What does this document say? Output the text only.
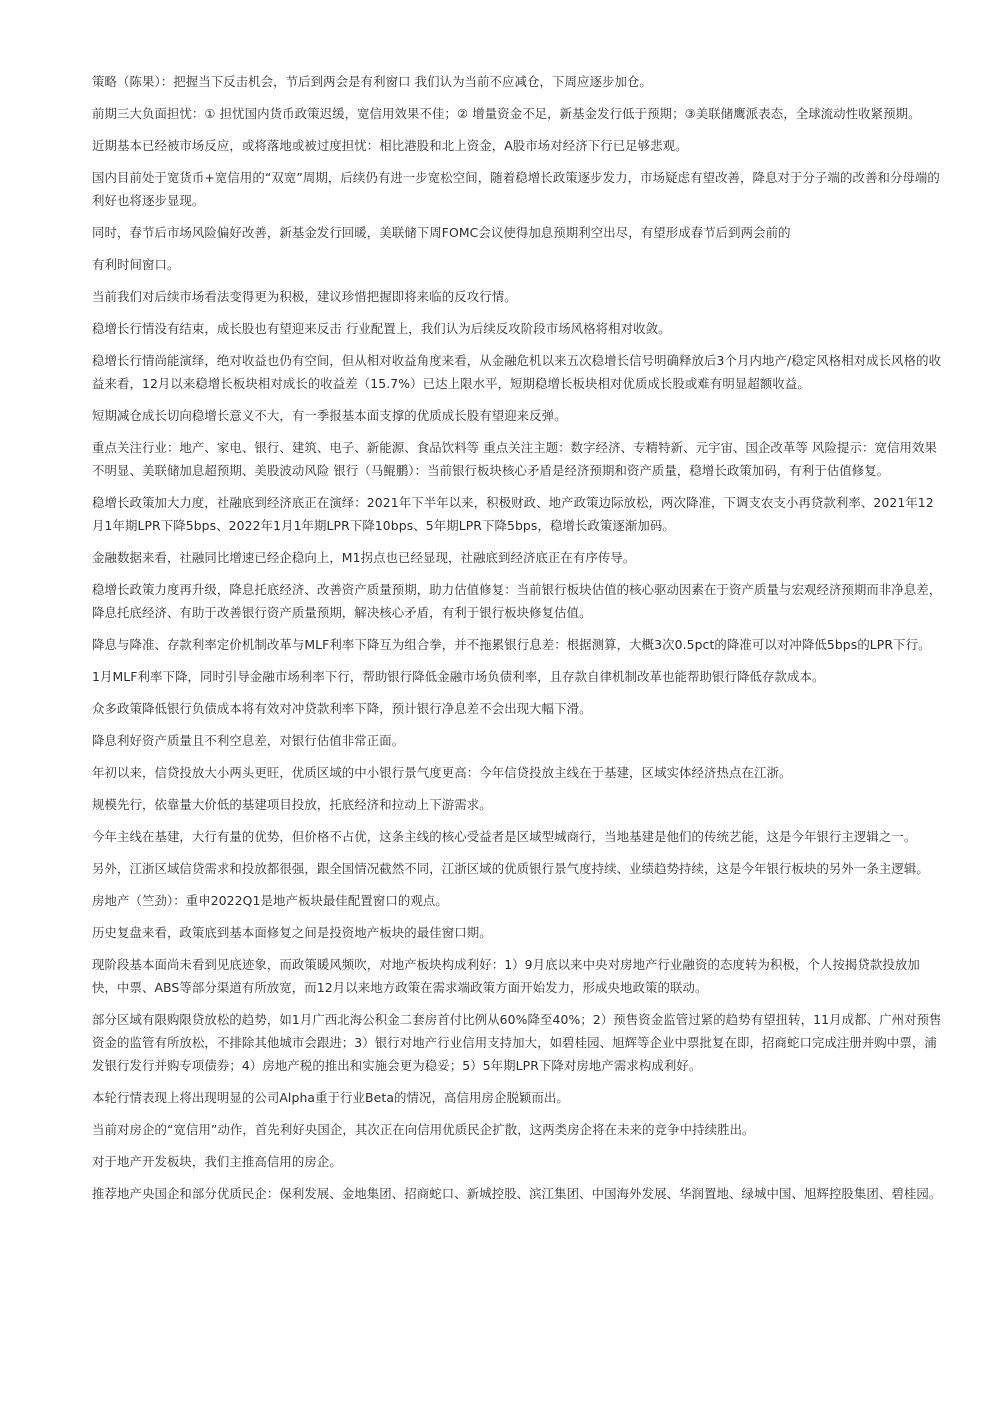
策略（陈果）：把握当下反击机会，节后到两会是有利窗口 我们认为当前不应减仓，下周应逐步加仓。

前期三大负面担忧：① 担忧国内货币政策迟缓，宽信用效果不佳；② 增量资金不足，新基金发行低于预期；③美联储鹰派表态，全球流动性收紧预期。

近期基本已经被市场反应，或将落地或被过度担忧：相比港股和北上资金，A股市场对经济下行已足够悲观。

国内目前处于宽货币+宽信用的“双宽”周期，后续仍有进一步宽松空间，随着稳增长政策逐步发力，市场疑虑有望改善，降息对于分子端的改善和分母端的利好也将逐步显现。

同时，春节后市场风险偏好改善，新基金发行回暖，美联储下周FOMC会议使得加息预期利空出尽，有望形成春节后到两会前的

有利时间窗口。

当前我们对后续市场看法变得更为积极，建议珍惜把握即将来临的反攻行情。

稳增长行情没有结束，成长股也有望迎来反击 行业配置上，我们认为后续反攻阶段市场风格将相对收敛。

稳增长行情尚能演绎，绝对收益也仍有空间，但从相对收益角度来看，从金融危机以来五次稳增长信号明确释放后3个月内地产/稳定风格相对成长风格的收益来看，12月以来稳增长板块相对成长的收益差（15.7%）已达上限水平，短期稳增长板块相对优质成长股或难有明显超额收益。

短期减仓成长切向稳增长意义不大，有一季报基本面支撑的优质成长股有望迎来反弹。

重点关注行业：地产、家电、银行、建筑、电子、新能源、食品饮料等 重点关注主题：数字经济、专精特新、元宇宙、国企改革等 风险提示：宽信用效果不明显、美联储加息超预期、美股波动风险 银行（马鲲鹏）：当前银行板块核心矛盾是经济预期和资产质量，稳增长政策加码，有利于估值修复。

稳增长政策加大力度，社融底到经济底正在演绎：2021年下半年以来，积极财政、地产政策边际放松，两次降准，下调支农支小再贷款利率、2021年12月1年期LPR下降5bps、2022年1月1年期LPR下降10bps、5年期LPR下降5bps，稳增长政策逐渐加码。

金融数据来看，社融同比增速已经企稳向上，M1拐点也已经显现，社融底到经济底正在有序传导。

稳增长政策力度再升级，降息托底经济、改善资产质量预期，助力估值修复：当前银行板块估值的核心驱动因素在于资产质量与宏观经济预期而非净息差，降息托底经济、有助于改善银行资产质量预期，解决核心矛盾，有利于银行板块修复估值。

降息与降准、存款利率定价机制改革与MLF利率下降互为组合拳，并不拖累银行息差：根据测算，大概3次0.5pct的降准可以对冲降低5bps的LPR下行。

1月MLF利率下降，同时引导金融市场利率下行，帮助银行降低金融市场负债利率，且存款自律机制改革也能帮助银行降低存款成本。

众多政策降低银行负债成本将有效对冲贷款利率下降，预计银行净息差不会出现大幅下滑。

降息利好资产质量且不利空息差，对银行估值非常正面。

年初以来，信贷投放大小两头更旺，优质区域的中小银行景气度更高：今年信贷投放主线在于基建，区域实体经济热点在江浙。

规模先行，依靠量大价低的基建项目投放，托底经济和拉动上下游需求。

今年主线在基建，大行有量的优势，但价格不占优，这条主线的核心受益者是区域型城商行，当地基建是他们的传统艺能，这是今年银行主逻辑之一。

另外，江浙区域信贷需求和投放都很强，跟全国情况截然不同，江浙区域的优质银行景气度持续、业绩趋势持续，这是今年银行板块的另外一条主逻辑。

房地产（竺劲）：重申2022Q1是地产板块最佳配置窗口的观点。

历史复盘来看，政策底到基本面修复之间是投资地产板块的最佳窗口期。

现阶段基本面尚未看到见底迹象，而政策暖风频吹，对地产板块构成利好：1）9月底以来中央对房地产行业融资的态度转为积极，个人按揭贷款投放加快，中票、ABS等部分渠道有所放宽，而12月以来地方政策在需求端政策方面开始发力，形成央地政策的联动。

部分区域有限购限贷放松的趋势，如1月广西北海公积金二套房首付比例从60%降至40%；2）预售资金监管过紧的趋势有望扭转，11月成都、广州对预售资金的监管有所放松，不排除其他城市会跟进；3）银行对地产行业信用支持加大，如碧桂园、旭辉等企业中票批复在即，招商蛇口完成注册并购中票，浦发银行发行并购专项债券；4）房地产税的推出和实施会更为稳妥；5）5年期LPR下降对房地产需求构成利好。

本轮行情表现上将出现明显的公司Alpha重于行业Beta的情况，高信用房企脱颖而出。

当前对房企的“宽信用”动作，首先利好央国企，其次正在向信用优质民企扩散，这两类房企将在未来的竞争中持续胜出。

对于地产开发板块，我们主推高信用的房企。

推荐地产央国企和部分优质民企：保利发展、金地集团、招商蛇口、新城控股、滨江集团、中国海外发展、华润置地、绿城中国、旭辉控股集团、碧桂园。
